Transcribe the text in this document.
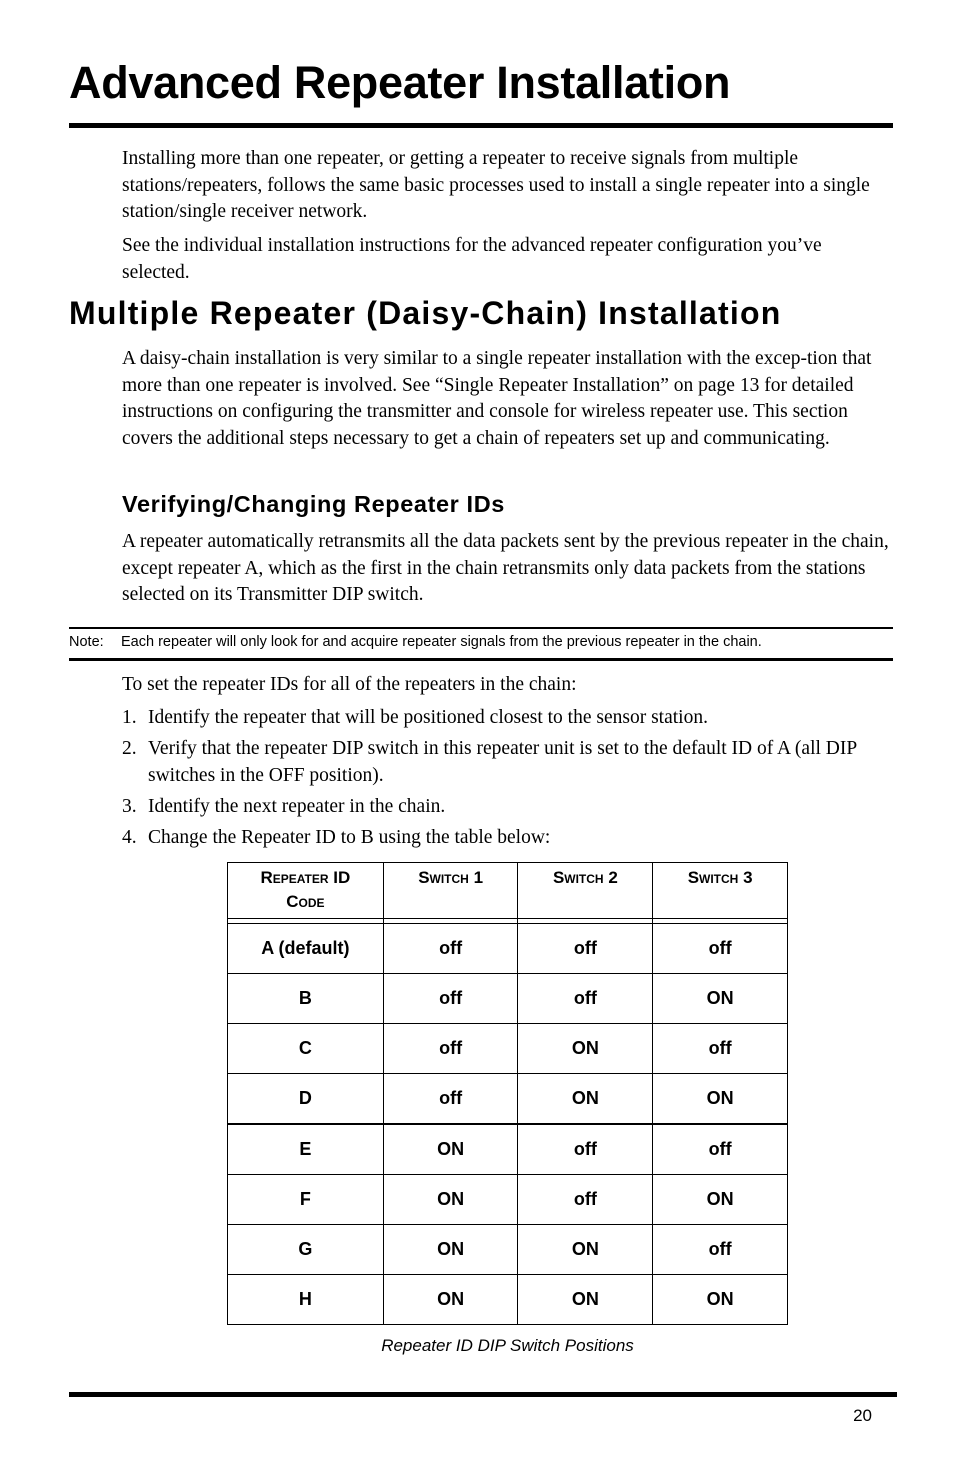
Advanced Repeater Installation

Installing more than one repeater, or getting a repeater to receive signals from multiple stations/repeaters, follows the same basic processes used to install a single repeater into a single station/single receiver network.

See the individual installation instructions for the advanced repeater configuration you’ve selected.

Multiple Repeater (Daisy-Chain) Installation

A daisy-chain installation is very similar to a single repeater installation with the excep-tion that more than one repeater is involved. See “Single Repeater Installation” on page 13 for detailed instructions on configuring the transmitter and console for wireless repeater use. This section covers the additional steps necessary to get a chain of repeaters set up and communicating.

Verifying/Changing Repeater IDs

A repeater automatically retransmits all the data packets sent by the previous repeater in the chain, except repeater A, which as the first in the chain retransmits only data packets from the stations selected on its Transmitter DIP switch.

Note: Each repeater will only look for and acquire repeater signals from the previous repeater in the chain.

To set the repeater IDs for all of the repeaters in the chain:

1. Identify the repeater that will be positioned closest to the sensor station.
2. Verify that the repeater DIP switch in this repeater unit is set to the default ID of A (all DIP switches in the OFF position).
3. Identify the next repeater in the chain.
4. Change the Repeater ID to B using the table below:
Repeater ID
Code	Switch 1	Switch 2	Switch 3

A (default)	off	off	off
B	off	off	ON
C	off	ON	off
D	off	ON	ON
E	ON	off	off
F	ON	off	ON
G	ON	ON	off
H	ON	ON	ON
Repeater ID DIP Switch Positions
20
